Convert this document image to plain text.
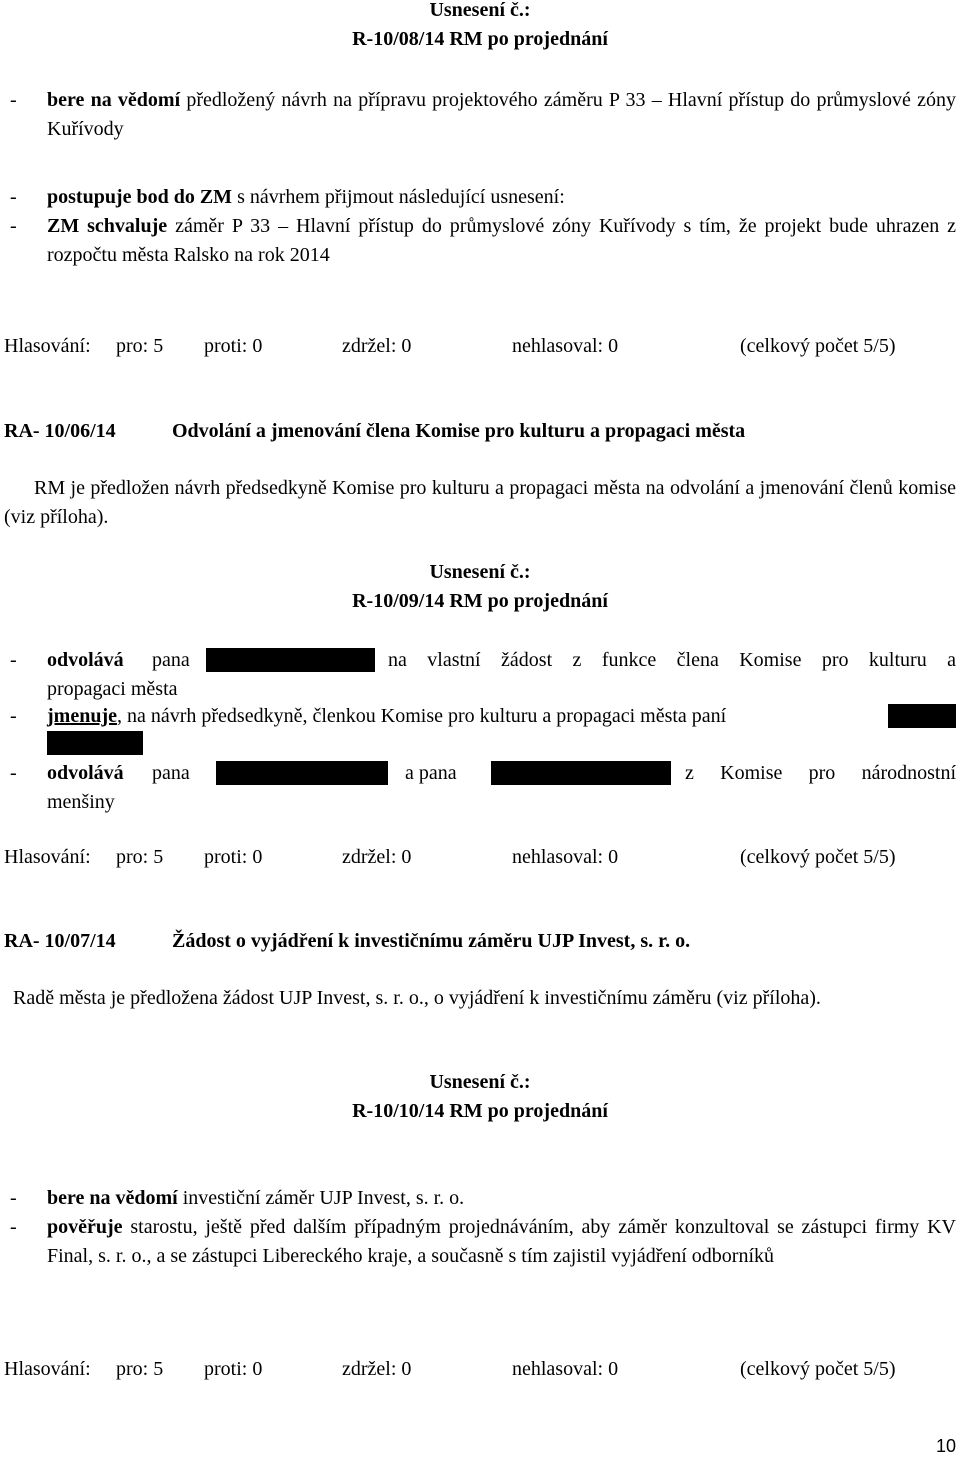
Usnesení č.:
R-10/08/14 RM po projednání
- bere na vědomí předložený návrh na přípravu projektového záměru P 33 – Hlavní přístup do průmyslové zóny Kuřívody
- postupuje bod do ZM s návrhem přijmout následující usnesení:
- ZM schvaluje záměr P 33 – Hlavní přístup do průmyslové zóny Kuřívody s tím, že projekt bude uhrazen z rozpočtu města Ralsko na rok 2014
Hlasování: pro: 5 proti: 0	zdržel: 0	nehlasoval: 0	(celkový počet 5/5)
RA- 10/06/14	Odvolání a jmenování člena Komise pro kulturu a propagaci města
RM je předložen návrh předsedkyně Komise pro kulturu a propagaci města na odvolání a jmenování členů komise (viz příloha).
Usnesení č.:
R-10/09/14 RM po projednání
- odvolává pana	na vlastní žádost z funkce člena Komise pro kulturu a
- jmenuje, na návrh předsedkyně, členkou Komise pro kulturu a propagaci města paní
- odvolává pana	a pana	z Komise pro národnostní
menšiny
Hlasování: pro: 5 proti: 0	zdržel: 0	nehlasoval: 0	(celkový počet 5/5)
RA- 10/07/14	Žádost o vyjádření k investičnímu záměru UJP Invest, s. r. o.
Radě města je předložena žádost UJP Invest, s. r. o., o vyjádření k investičnímu záměru (viz příloha).
Usnesení č.:
R-10/10/14 RM po projednání
- bere na vědomí investiční záměr UJP Invest, s. r. o.
- pověřuje starostu, ještě před dalším případným projednáváním, aby záměr konzultoval se zástupci firmy KV Final, s. r. o., a se zástupci Libereckého kraje, a současně s tím zajistil vyjádření odborníků
Hlasování: pro: 5 proti: 0	zdržel: 0	nehlasoval: 0	(celkový počet 5/5)
10
propagaci města
